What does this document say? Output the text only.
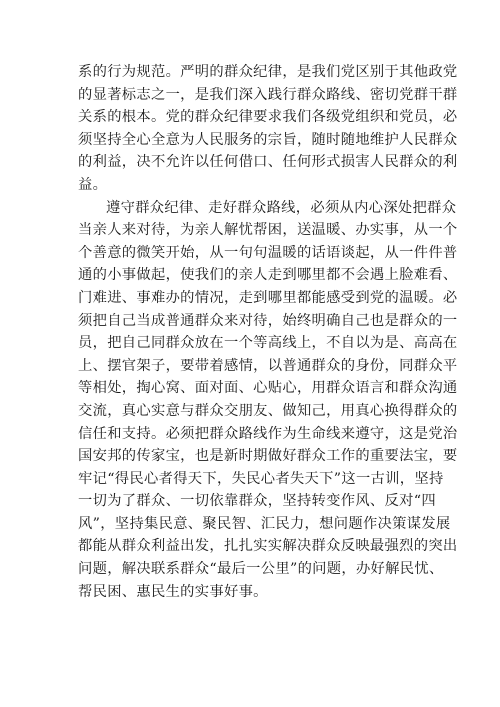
系的行为规范。严明的群众纪律，是我们党区别于其他政党
的显著标志之一，是我们深入践行群众路线、密切党群干群
关系的根本。党的群众纪律要求我们各级党组织和党员，必
须坚持全心全意为人民服务的宗旨，随时随地维护人民群众
的利益，决不允许以任何借口、任何形式损害人民群众的利
益。

遵守群众纪律、走好群众路线，必须从内心深处把群众
当亲人来对待，为亲人解忧帮困，送温暖、办实事，从一个
个善意的微笑开始，从一句句温暖的话语谈起，从一件件普
通的小事做起，使我们的亲人走到哪里都不会遇上脸难看、
门难进、事难办的情况，走到哪里都能感受到党的温暖。必
须把自己当成普通群众来对待，始终明确自己也是群众的一
员，把自己同群众放在一个等高线上，不自以为是、高高在
上、摆官架子，要带着感情，以普通群众的身份，同群众平
等相处，掏心窝、面对面、心贴心，用群众语言和群众沟通
交流，真心实意与群众交朋友、做知己，用真心换得群众的
信任和支持。必须把群众路线作为生命线来遵守，这是党治
国安邦的传家宝，也是新时期做好群众工作的重要法宝，要
牢记“得民心者得天下，失民心者失天下”这一古训，坚持
一切为了群众、一切依靠群众，坚持转变作风、反对“四
风”，坚持集民意、聚民智、汇民力，想问题作决策谋发展
都能从群众利益出发，扎扎实实解决群众反映最强烈的突出
问题，解决联系群众“最后一公里”的问题，办好解民忧、
帮民困、惠民生的实事好事。
